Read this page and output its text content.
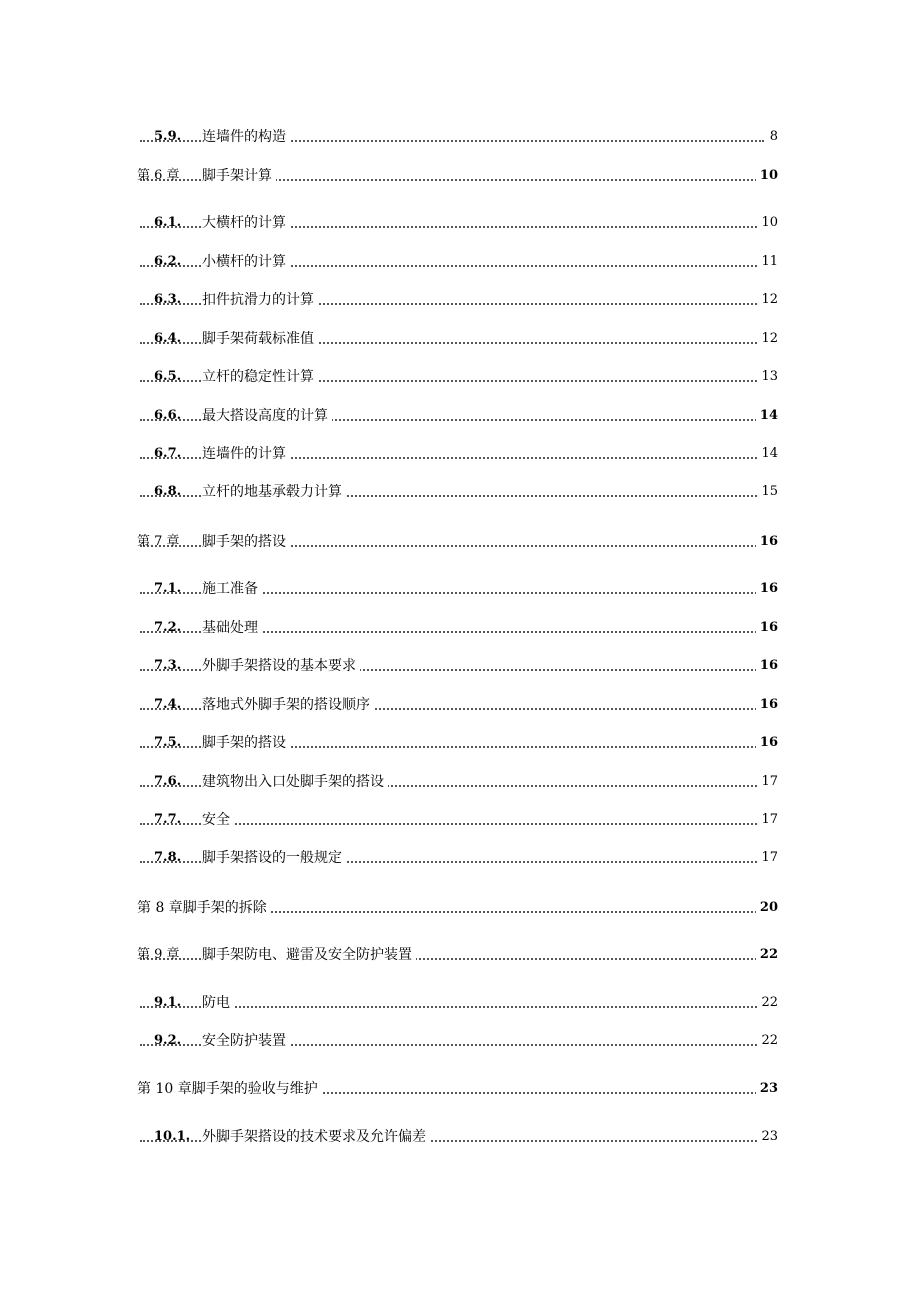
5.9. 连墙件的构造	8
第 6 章 脚手架计算	10
6.1. 大横杆的计算	10
6.2. 小横杆的计算	11
6.3. 扣件抗滑力的计算	12
6.4. 脚手架荷载标准值	12
6.5. 立杆的稳定性计算	13
6.6. 最大搭设高度的计算	14
6.7. 连墙件的计算	14
6.8. 立杆的地基承毂力计算	15
第 7 章 脚手架的搭设	16
7.1. 施工准备	16
7.2. 基础处理	16
7.3. 外脚手架搭设的基本要求	16
7.4. 落地式外脚手架的搭设顺序	16
7.5. 脚手架的搭设	16
7.6. 建筑物出入口处脚手架的搭设	17
7.7. 安全	17
7.8. 脚手架搭设的一般规定	17
第 8 章脚手架的拆除	20
第 9 章 脚手架防电、避雷及安全防护装置	22
9.1. 防电	22
9.2. 安全防护装置	22
第 10 章脚手架的验收与维护	23
10.1. 外脚手架搭设的技术要求及允许偏差	23
